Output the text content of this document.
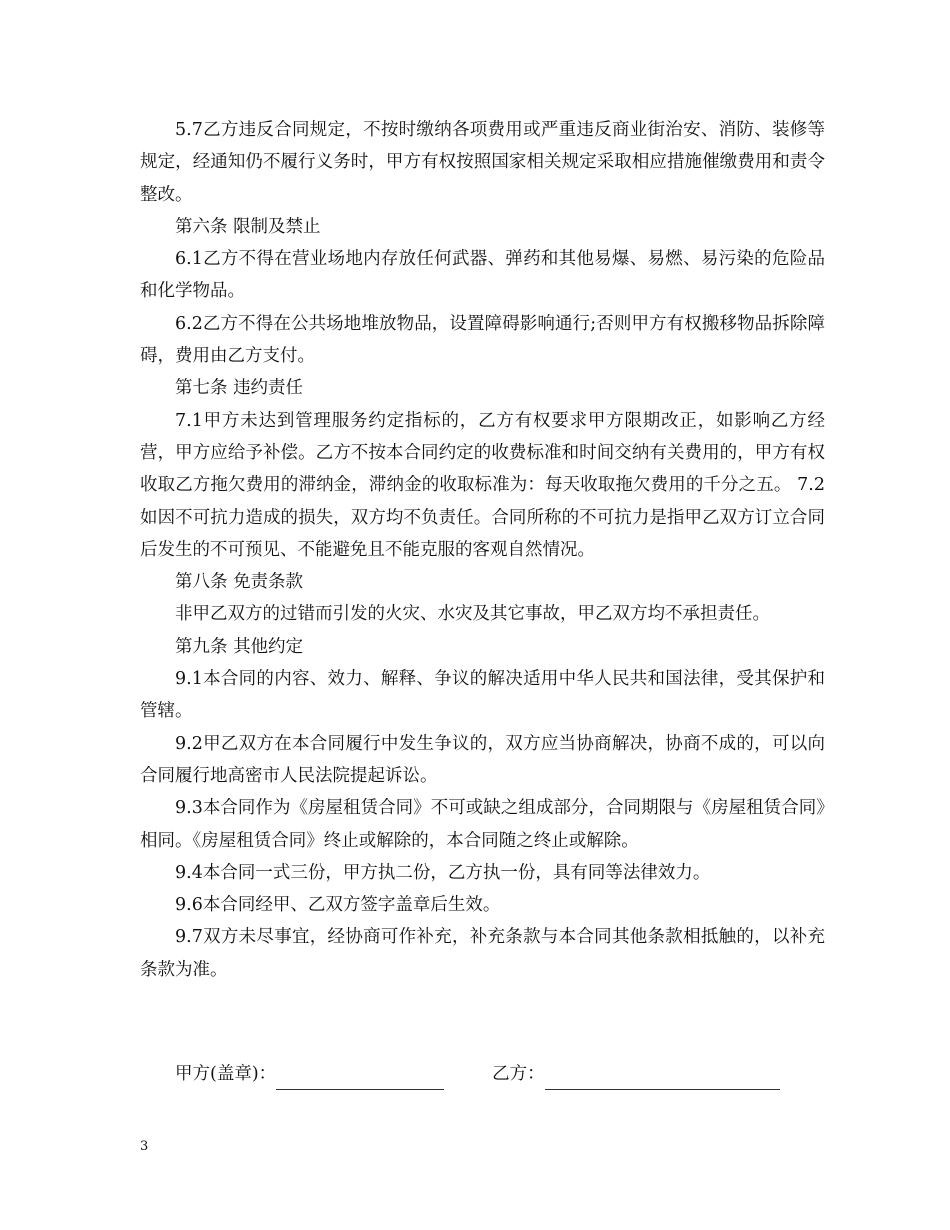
5.7乙方违反合同规定，不按时缴纳各项费用或严重违反商业街治安、消防、装修等规定，经通知仍不履行义务时，甲方有权按照国家相关规定采取相应措施催缴费用和责令整改。

第六条 限制及禁止

6.1乙方不得在营业场地内存放任何武器、弹药和其他易爆、易燃、易污染的危险品和化学物品。

6.2乙方不得在公共场地堆放物品，设置障碍影响通行;否则甲方有权搬移物品拆除障碍，费用由乙方支付。

第七条 违约责任

7.1甲方未达到管理服务约定指标的，乙方有权要求甲方限期改正，如影响乙方经营，甲方应给予补偿。乙方不按本合同约定的收费标准和时间交纳有关费用的，甲方有权收取乙方拖欠费用的滞纳金，滞纳金的收取标准为：每天收取拖欠费用的千分之五。 7.2如因不可抗力造成的损失，双方均不负责任。合同所称的不可抗力是指甲乙双方订立合同后发生的不可预见、不能避免且不能克服的客观自然情况。

第八条 免责条款

非甲乙双方的过错而引发的火灾、水灾及其它事故，甲乙双方均不承担责任。

第九条 其他约定

9.1本合同的内容、效力、解释、争议的解决适用中华人民共和国法律，受其保护和管辖。

9.2甲乙双方在本合同履行中发生争议的，双方应当协商解决，协商不成的，可以向合同履行地高密市人民法院提起诉讼。

9.3本合同作为《房屋租赁合同》不可或缺之组成部分，合同期限与《房屋租赁合同》相同。《房屋租赁合同》终止或解除的，本合同随之终止或解除。

9.4本合同一式三份，甲方执二份，乙方执一份，具有同等法律效力。

9.6本合同经甲、乙双方签字盖章后生效。

9.7双方未尽事宜，经协商可作补充，补充条款与本合同其他条款相抵触的，以补充条款为准。

甲方(盖章)：	乙方：
3
